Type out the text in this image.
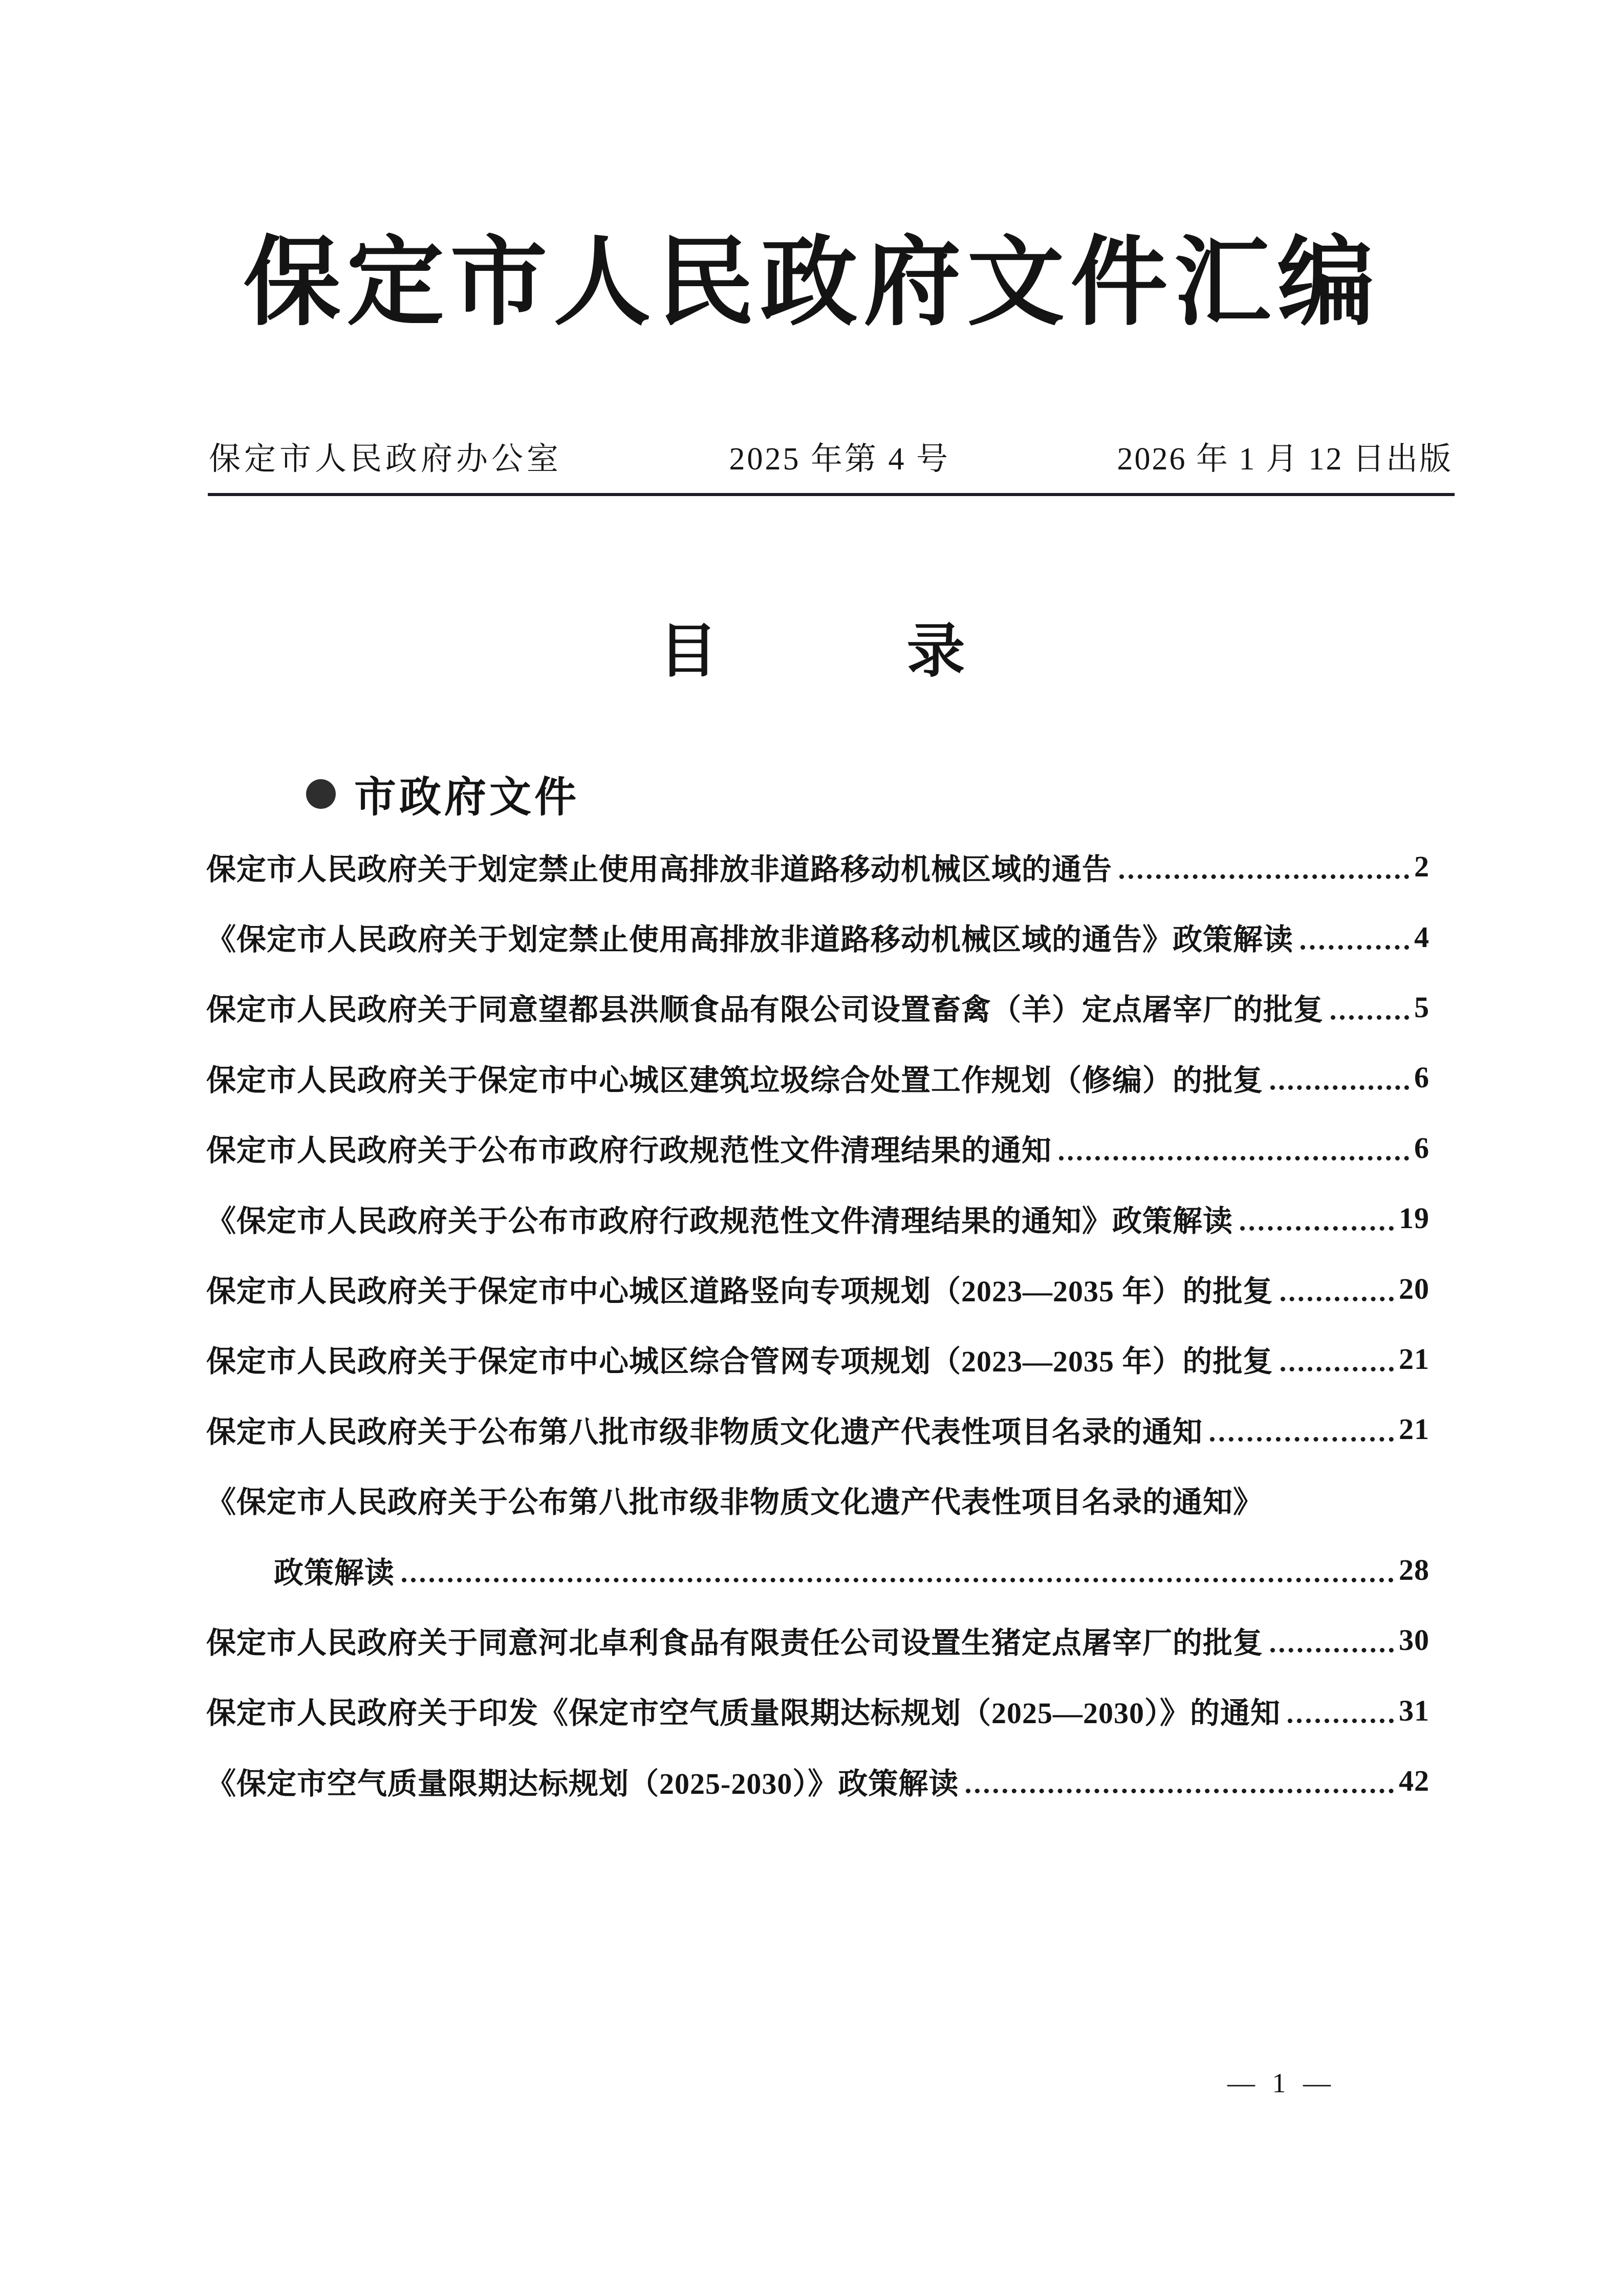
保定市人民政府文件汇编
保定市人民政府办公室	2025 年第 4 号	2026 年 1 月 12 日出版
目	录
市政府文件
保定市人民政府关于划定禁止使用高排放非道路移动机械区域的通告	2
《保定市人民政府关于划定禁止使用高排放非道路移动机械区域的通告》政策解读	4
保定市人民政府关于同意望都县洪顺食品有限公司设置畜禽（羊）定点屠宰厂的批复	5
保定市人民政府关于保定市中心城区建筑垃圾综合处置工作规划（修编）的批复	6
保定市人民政府关于公布市政府行政规范性文件清理结果的通知	6
《保定市人民政府关于公布市政府行政规范性文件清理结果的通知》政策解读	19
保定市人民政府关于保定市中心城区道路竖向专项规划（2023—2035 年）的批复	20
保定市人民政府关于保定市中心城区综合管网专项规划（2023—2035 年）的批复	21
保定市人民政府关于公布第八批市级非物质文化遗产代表性项目名录的通知	21
《保定市人民政府关于公布第八批市级非物质文化遗产代表性项目名录的通知》
政策解读	28
保定市人民政府关于同意河北卓利食品有限责任公司设置生猪定点屠宰厂的批复	30
保定市人民政府关于印发《保定市空气质量限期达标规划（2025—2030）》的通知	31
《保定市空气质量限期达标规划（2025-2030）》政策解读	42
— 1 —
